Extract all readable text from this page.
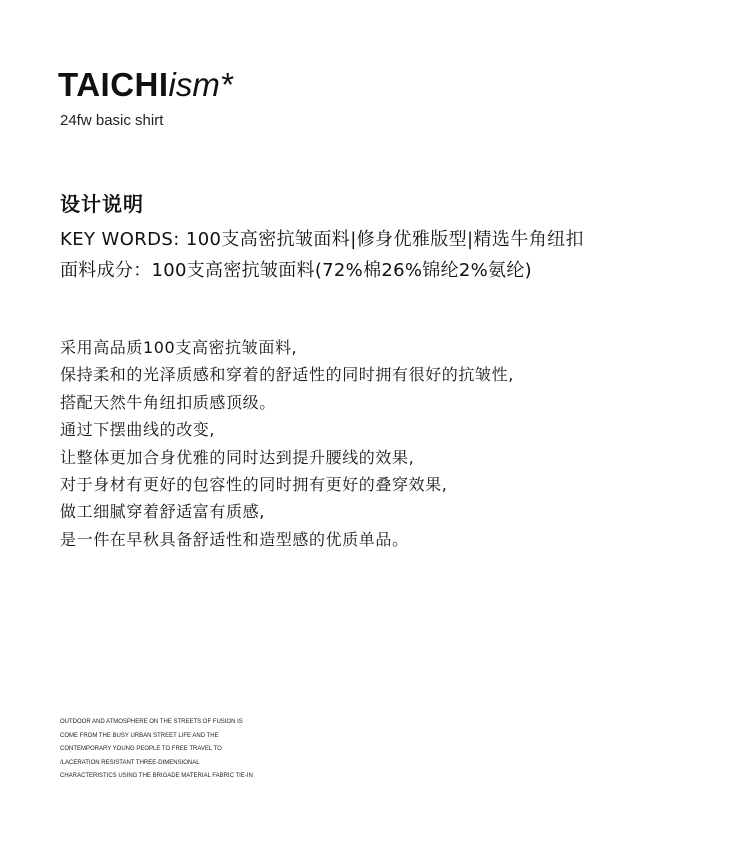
TAICHIism*
24fw basic shirt
设计说明
KEY WORDS: 100支高密抗皱面料|修身优雅版型|精选牛角纽扣
面料成分：100支高密抗皱面料(72%棉26%锦纶2%氨纶)
采用高品质100支高密抗皱面料,
保持柔和的光泽质感和穿着的舒适性的同时拥有很好的抗皱性,
搭配天然牛角纽扣质感顶级。
通过下摆曲线的改变,
让整体更加合身优雅的同时达到提升腰线的效果,
对于身材有更好的包容性的同时拥有更好的叠穿效果,
做工细腻穿着舒适富有质感,
是一件在早秋具备舒适性和造型感的优质单品。
OUTDOOR AND ATMOSPHERE ON THE STREETS OF FUSION IS
COME FROM THE BUSY URBAN STREET LIFE AND THE
CONTEMPORARY YOUNG PEOPLE TO FREE TRAVEL TO
/LACERATION RESISTANT THREE-DIMENSIONAL
CHARACTERISTICS USING THE BRIGADE MATERIAL FABRIC TIE-IN
